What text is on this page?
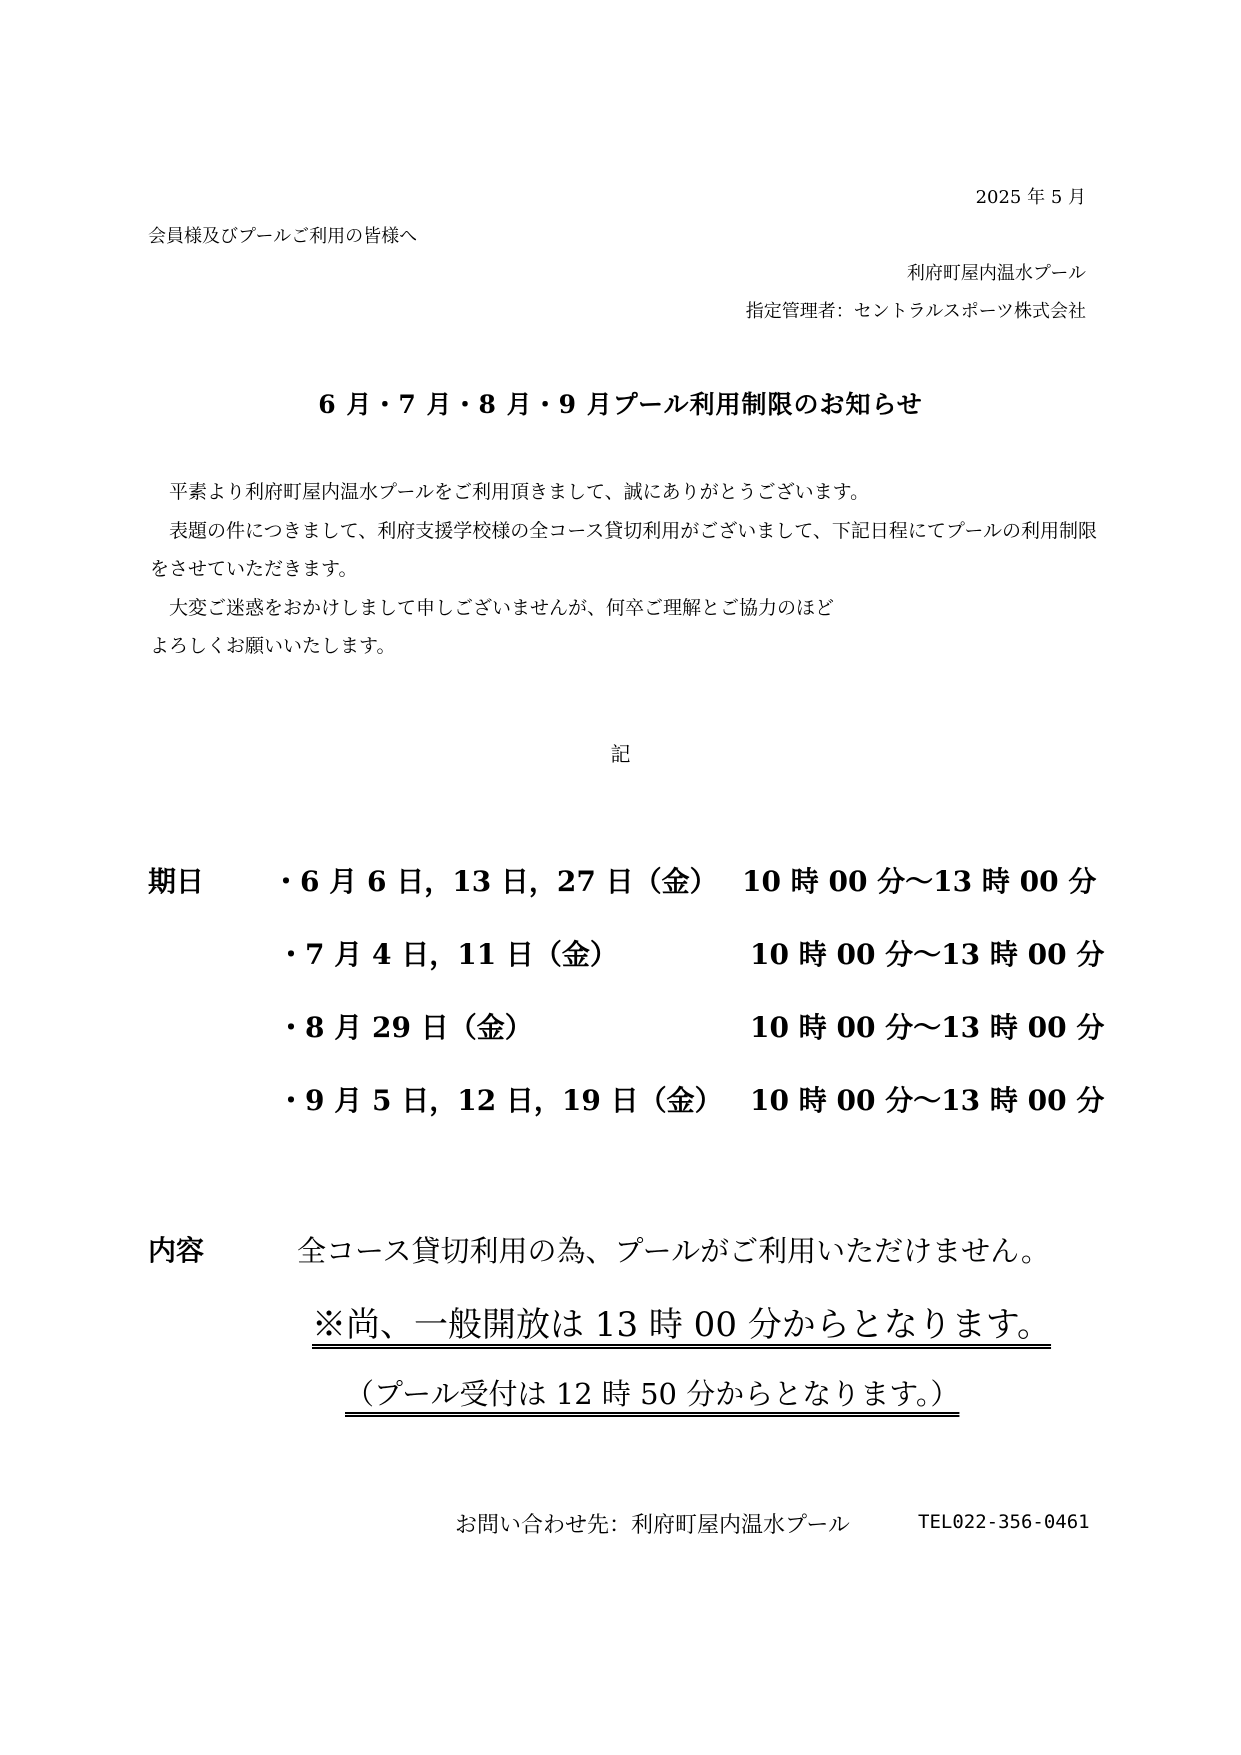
2025 年 5 月
会員様及びプールご利用の皆様へ
利府町屋内温水プール
指定管理者：セントラルスポーツ株式会社
6 月・7 月・8 月・9 月プール利用制限のお知らせ

平素より利府町屋内温水プールをご利用頂きまして、誠にありがとうございます。

表題の件につきまして、利府支援学校様の全コース貸切利用がございまして、下記日程にてプールの利用制限をさせていただきます。

大変ご迷惑をおかけしまして申しございませんが、何卒ご理解とご協力のほど

よろしくお願いいたします。

記
期日 ・6 月 6 日，13 日，27 日（金） 10 時 00 分～13 時 00 分
・7 月 4 日，11 日（金）	10 時 00 分～13 時 00 分
・8 月 29 日（金）	10 時 00 分～13 時 00 分
・9 月 5 日，12 日，19 日（金） 10 時 00 分～13 時 00 分
内容	全コース貸切利用の為、プールがご利用いただけません。
※尚、一般開放は 13 時 00 分からとなります。
（プール受付は 12 時 50 分からとなります。）
お問い合わせ先：利府町屋内温水プール	TEL022-356-0461
